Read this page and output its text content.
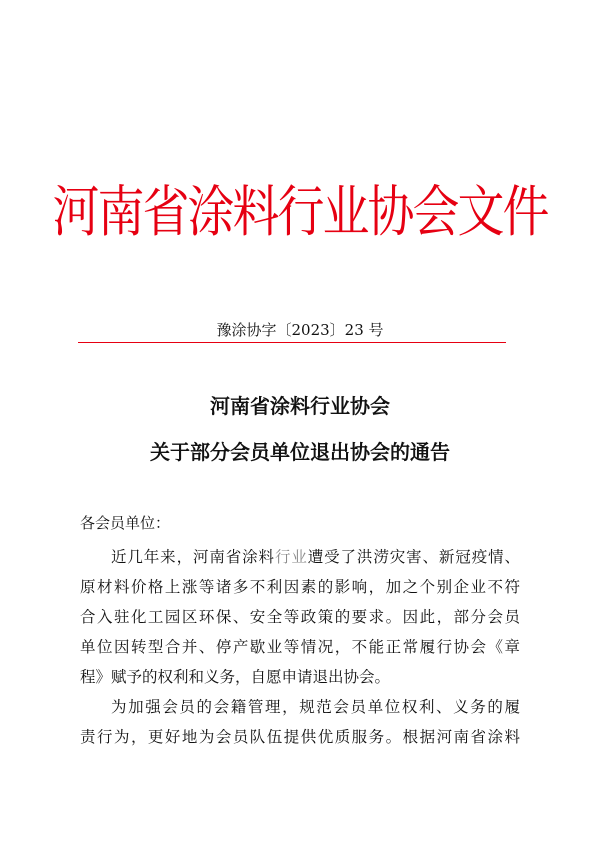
河南省涂料行业协会文件
豫涂协字〔2023〕23 号
河南省涂料行业协会
关于部分会员单位退出协会的通告
各会员单位：
近几年来，河南省涂料行业遭受了洪涝灾害、新冠疫情、
原材料价格上涨等诸多不利因素的影响，加之个别企业不符
合入驻化工园区环保、安全等政策的要求。因此，部分会员
单位因转型合并、停产歇业等情况，不能正常履行协会《章
程》赋予的权利和义务，自愿申请退出协会。
为加强会员的会籍管理，规范会员单位权利、义务的履
责行为，更好地为会员队伍提供优质服务。根据河南省涂料
